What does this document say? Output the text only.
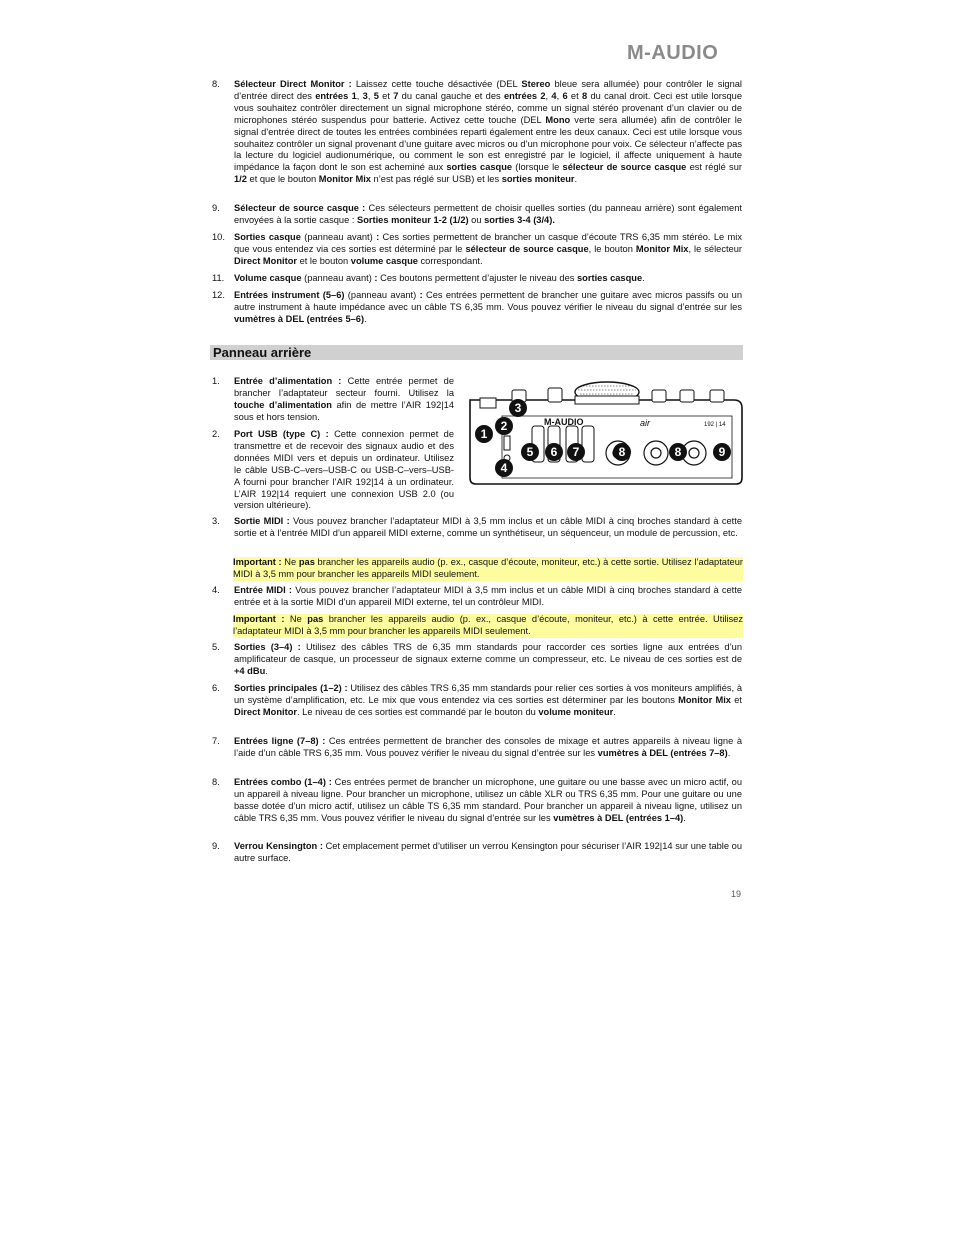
M-AUDIO
8.	Sélecteur Direct Monitor : Laissez cette touche désactivée (DEL Stereo bleue sera allumée) pour contrôler le signal d’entrée direct des entrées 1, 3, 5 et 7 du canal gauche et des entrées 2, 4, 6 et 8 du canal droit. Ceci est utile lorsque vous souhaitez contrôler directement un signal microphone stéréo, comme un signal stéréo provenant d’un clavier ou de microphones stéréo suspendus pour batterie. Activez cette touche (DEL Mono verte sera allumée) afin de contrôler le signal d’entrée direct de toutes les entrées combinées reparti également entre les deux canaux. Ceci est utile lorsque vous souhaitez contrôler un signal provenant d’une guitare avec micros ou d’un microphone pour voix. Ce sélecteur n’affecte pas la lecture du logiciel audionumérique, ou comment le son est enregistré par le logiciel, il affecte uniquement à haute impédance la façon dont le son est acheminé aux sorties casque (lorsque le sélecteur de source casque est réglé sur 1/2 et que le bouton Monitor Mix n’est pas réglé sur USB) et les sorties moniteur.
9.	Sélecteur de source casque : Ces sélecteurs permettent de choisir quelles sorties (du panneau arrière) sont également envoyées à la sortie casque : Sorties moniteur 1-2 (1/2) ou sorties 3-4 (3/4).
10. Sorties casque (panneau avant) : Ces sorties permettent de brancher un casque d’écoute TRS 6,35 mm stéréo. Le mix que vous entendez via ces sorties est déterminé par le sélecteur de source casque, le bouton Monitor Mix, le sélecteur Direct Monitor et le bouton volume casque correspondant.
11.	Volume casque (panneau avant) : Ces boutons permettent d’ajuster le niveau des sorties casque.
12. Entrées instrument (5–6) (panneau avant) : Ces entrées permettent de brancher une guitare avec micros passifs ou un autre instrument à haute impédance avec un câble TS 6,35 mm. Vous pouvez vérifier le niveau du signal d’entrée sur les vumètres à DEL (entrées 5–6).
Panneau arrière
1.	Entrée d’alimentation : Cette entrée permet de brancher l’adaptateur secteur fourni. Utilisez la touche d’alimentation afin de mettre l’AIR 192|14 sous et hors tension.
2.	Port USB (type C) : Cette connexion permet de transmettre et de recevoir des signaux audio et des données MIDI vers et depuis un ordinateur. Utilisez le câble USB-C–vers–USB-C ou USB-C–vers–USB-A fourni pour brancher l’AIR 192|14 à un ordinateur. L’AIR 192|14 requiert une connexion USB 2.0 (ou version ultérieure).
M-AUDIO	air	192 | 14
1
2
3
4
5 6 7	8	8	9
3.	Sortie MIDI : Vous pouvez brancher l’adaptateur MIDI à 3,5 mm inclus et un câble MIDI à cinq broches standard à cette sortie et à l’entrée MIDI d’un appareil MIDI externe, comme un synthétiseur, un séquenceur, un module de percussion, etc.
Important : Ne pas brancher les appareils audio (p. ex., casque d’écoute, moniteur, etc.) à cette sortie. Utilisez l’adaptateur MIDI à 3,5 mm pour brancher les appareils MIDI seulement.
4.	Entrée MIDI : Vous pouvez brancher l’adaptateur MIDI à 3,5 mm inclus et un câble MIDI à cinq broches standard à cette entrée et à la sortie MIDI d’un appareil MIDI externe, tel un contrôleur MIDI.
Important : Ne pas brancher les appareils audio (p. ex., casque d’écoute, moniteur, etc.) à cette entrée. Utilisez l’adaptateur MIDI à 3,5 mm pour brancher les appareils MIDI seulement.
5.	Sorties (3–4) : Utilisez des câbles TRS de 6,35 mm standards pour raccorder ces sorties ligne aux entrées d’un amplificateur de casque, un processeur de signaux externe comme un compresseur, etc. Le niveau de ces sorties est de +4 dBu.
6.	Sorties principales (1–2) : Utilisez des câbles TRS 6,35 mm standards pour relier ces sorties à vos moniteurs amplifiés, à un système d’amplification, etc. Le mix que vous entendez via ces sorties est déterminer par les boutons Monitor Mix et Direct Monitor. Le niveau de ces sorties est commandé par le bouton du volume moniteur.
7.	Entrées ligne (7–8) : Ces entrées permettent de brancher des consoles de mixage et autres appareils à niveau ligne à l’aide d’un câble TRS 6,35 mm. Vous pouvez vérifier le niveau du signal d’entrée sur les vumètres à DEL (entrées 7–8).
8.	Entrées combo (1–4) : Ces entrées permet de brancher un microphone, une guitare ou une basse avec un micro actif, ou un appareil à niveau ligne. Pour brancher un microphone, utilisez un câble XLR ou TRS 6,35 mm. Pour une guitare ou une basse dotée d’un micro actif, utilisez un câble TS 6,35 mm standard. Pour brancher un appareil à niveau ligne, utilisez un câble TRS 6,35 mm. Vous pouvez vérifier le niveau du signal d’entrée sur les vumètres à DEL (entrées 1–4).
9.	Verrou Kensington : Cet emplacement permet d’utiliser un verrou Kensington pour sécuriser l’AIR 192|14 sur une table ou autre surface.
19
